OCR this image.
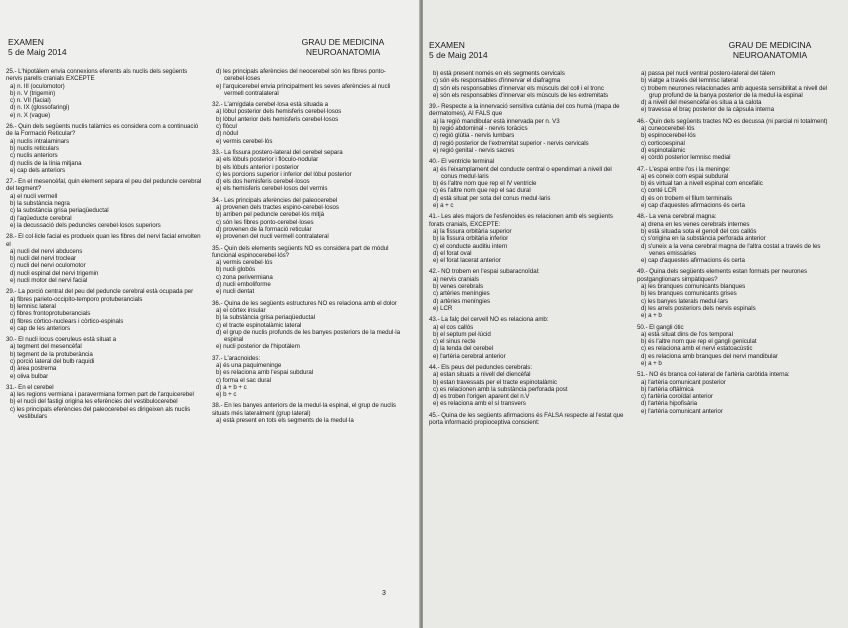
EXAMEN
5 de Maig 2014
GRAU DE MEDICINA
NEUROANATOMIA
25.- L'hipotàlem envia connexions eferents als nuclis dels següents nervis parells cranials EXCEPTE
a) n. III (oculomotor)
b) n. V (trigemin)
c) n. VII (facial)
d) n. IX (glossofaringi)
e) n. X (vague)
26.- Quin dels següents nuclis talàmics es considera com a continuació de la Formació Reticular?
a) nuclis intralaminars
b) nuclis reticulars
c) nuclis anteriors
d) nuclis de la línia mitjana
e) cap dels anteriors
27.- En el mesencèfal, quin element separa el peu del peduncle cerebral del tegment?
a) el nucli vermell
b) la substància negra
c) la substància grisa periaqüeductal
d) l'aqüeducte cerebral
e) la decussació dels peduncles cerebel·losos superiors
28.- El col·licle facial es produeix quan les fibres del nervi facial envolten el
a) nucli del nervi abducens
b) nucli del nervi troclear
c) nucli del nervi oculomotor
d) nucli espinal del nervi trigemin
e) nucli motor del nervi facial
29.- La porció central del peu del peduncle cerebral està ocupada per
a) fibres parieto-occipito-temporo protuberancials
b) lemnisc lateral
c) fibres frontoprotuberancials
d) fibres còrtico-nuclears i còrtico-espinals
e) cap de les anteriors
30.- El nucli locus coeruleus està situat a
a) tegment del mesencèfal
b) tegment de la protuberància
c) porció lateral del bulb raquidi
d) àrea postrema
e) oliva bulbar
31.- En el cerebel
a) les regions vermiana i paravermiana formen part de l'arquicerebel
b) el nucli del fastigi origina les eferències del vestibulocerebel
c) les principals eferències del paleocerebel es dirigeixen als nuclis vestibulars
d) les principals aferències del neocerebel són les fibres ponto-cerebel·loses
e) l'arquicerebel envia principalment les seves aferències al nucli vermell contralateral
32.- L'amígdala cerebel·losa està situada a
a) lòbul posterior dels hemisferis cerebel·losos
b) lòbul anterior dels hemisferis cerebel·losos
c) flòcul
d) nòdul
e) vermis cerebel·lós
33.- La fissura postero-lateral del cerebel separa
a) els lòbuls posterior i flòculo-nodular
b) els lòbuls anterior i posterior
c) les porcions superior i inferior del lòbul posterior
d) els dos hemisferis cerebel·losos
e) els hemisferis cerebel·losos del vermis
34.- Les principals aferències del paleocerebel
a) provenen dels tractes espino-cerebel·losos
b) arriben pel peduncle cerebel·lós mitjà
c) són les fibres ponto-cerebel·loses
d) provenen de la formació reticular
e) provenen del nucli vermell contralateral
35.- Quin dels elements següents NO es considera part de mòdul funcional espinocerebel·lós?
a) vermis cerebel·lós
b) nucli globós
c) zona perivermiana
d) nucli emboliforme
e) nucli dentat
36.- Quina de les següents estructures NO es relaciona amb el dolor
a) el còrtex insular
b) la substància grisa periaqüeductal
c) el tracte espinotalàmic lateral
d) el grup de nuclis profunds de les banyes posteriors de la medul·la espinal
e) nucli posterior de l'hipotàlem
37.- L'aracnoides:
a) és una paquimeninge
b) es relaciona amb l'espai subdural
c) forma el sac dural
d) a + b + c
e) b + c
38.- En les banyes anteriors de la medul·la espinal, el grup de nuclis situats més lateralment (grup lateral)
a) està present en tots els segments de la medul·la
3
EXAMEN
5 de Maig 2014
GRAU DE MEDICINA
NEUROANATOMIA
b) està present només en els segments cervicals
c) són els responsables d'innervar el diafragma
d) són els responsables d'innervar els músculs del coll i el tronc
e) són els responsables d'innervar els músculs de les extremitats
39.- Respecte a la innervació sensitiva cutània del cos humà (mapa de dermatomes), AI FALS que
a) la regió mandibular està innervada per n. V3
b) regió abdominal - nervis toràcics
c) regió glútia - nervis lumbars
d) regió posterior de l'extremitat superior - nervis cervicals
e) regió genital - nervis sacres
40.- El ventricle terminal
a) és l'eixamplament del conducte central o ependimari a nivell del conus medul·laris
b) és l'altre nom que rep el IV ventricle
c) és l'altre nom que rep el sac dural
d) està situat per sota del conus medul·laris
e) a + c
41.- Les ales majors de l'esfenoides es relacionen amb els següents forats cranials, EXCEPTE:
a) la fissura orbitària superior
b) la fissura orbitària inferior
c) el conducte auditiu intern
d) el forat oval
e) el forat lacerat anterior
42.- NO trobem en l'espai subaracnoïdal:
a) nervis cranials
b) venes cerebrals
c) artèries meníngies
d) artèries meníngies
e) LCR
43.- La falç del cervell NO es relaciona amb:
a) el cos callós
b) el septum pel·lúcid
c) el sinus recte
d) la tenda del cerebel
e) l'artèria cerebral anterior
44.- Els peus del peduncles cerebrals:
a) estan situats a nivell del diencèfal
b) estan travessats per el tracte espinotalàmic
c) es relacionen amb la substància perforada post
d) es troben l'origen aparent del n.V
e) es relaciona amb el sí transvers
45.- Quina de les següents afirmacions és FALSA respecte al l'estat que porta informació propioceptiva conscient:
a) passa pel nucli ventral postero-lateral del tàlem
b) viatge a través del lemnisc lateral
c) trobem neurones relacionades amb aquesta sensibilitat a nivell del grup profund de la banya posterior de la medul·la espinal
d) a nivell del mesencèfal es situa a la calota
e) travessa el braç posterior de la càpsula interna
46.- Quin dels següents tractes NO es decussa (ni parcial ni totalment)
a) cuneocerebel·lós
b) espinocerebel·lós
c) corticoespinal
d) espinotalàmic
e) còrdó posterior lemnisc medial
47.- L'espai entre l'os i la meninge:
a) es coneix com espai subdural
b) és virtual tan a nivell espinal com encefàlic
c) conté LCR
d) és on trobem el filum terminalis
e) cap d'aquestes afirmacions és certa
48.- La vena cerebral magna:
a) drena en les venes cerebrals internes
b) està situada sota el genoll del cos callós
c) s'origina en la substància perforada anterior
d) s'uneix a la vena cerebral magna de l'altra costat a través de les venes emissàries
e) cap d'aquestes afirmacions és certa
49.- Quina dels següents elements estan formats per neurones postganglionars simpàtiques?
a) les branques comunicants blanques
b) les branques comunicants grises
c) les banyes laterals medul·lars
d) les arrels posteriors dels nervis espinals
e) a + b
50.- El gangli ótic
a) està situat dins de l'os temporal
b) és l'altre nom que rep el gangli geniculat
c) es relaciona amb el nervi estatoacústic
d) es relaciona amb branques del nervi mandibular
e) a + b
51.- NO és branca col·lateral de l'artèria caròtida interna:
a) l'artèria comunicant posterior
b) l'artèria oftàlmica
c) l'artèria coroïdal anterior
d) l'artèria hipofisària
e) l'artèria comunicant anterior
